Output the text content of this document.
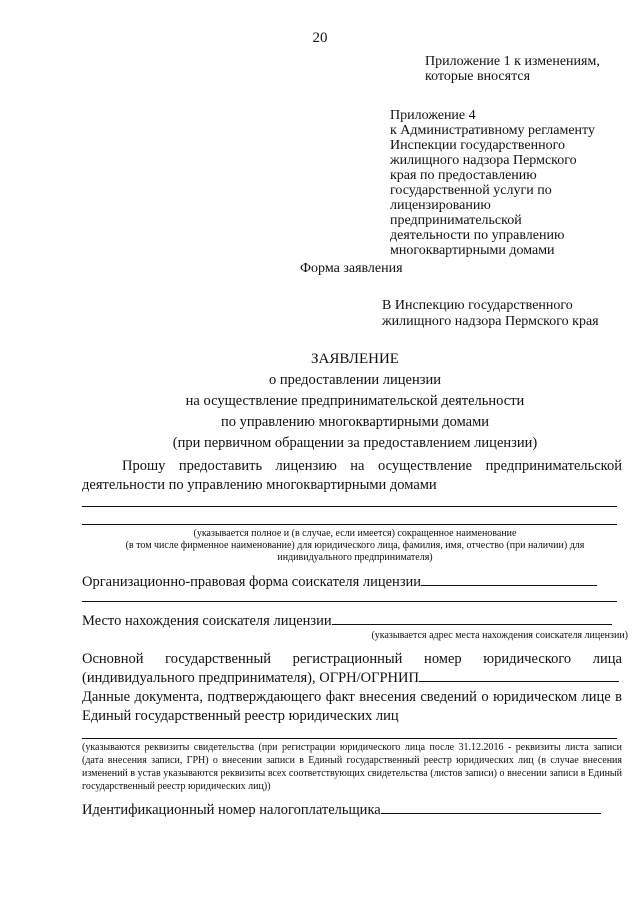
20
Приложение 1 к изменениям,
которые вносятся
Приложение 4
к Административному регламенту
Инспекции государственного
жилищного надзора Пермского
края по предоставлению
государственной услуги по
лицензированию
предпринимательской
деятельности по управлению
многоквартирными домами
Форма заявления
В Инспекцию государственного
жилищного надзора Пермского края
ЗАЯВЛЕНИЕ
о предоставлении лицензии
на осуществление предпринимательской деятельности
по управлению многоквартирными домами
(при первичном обращении за предоставлением лицензии)
Прошу предоставить лицензию на осуществление предпринимательской деятельности по управлению многоквартирными домами
(указывается полное и (в случае, если имеется) сокращенное наименование
(в том числе фирменное наименование) для юридического лица, фамилия, имя, отчество (при наличии) для
индивидуального предпринимателя)
Организационно-правовая форма соискателя лицензии
Место нахождения соискателя лицензии
(указывается адрес места нахождения соискателя лицензии)
Основной государственный регистрационный номер юридического лица
(индивидуального предпринимателя), ОГРН/ОГРНИП
Данные документа, подтверждающего факт внесения сведений о юридическом лице в Единый государственный реестр юридических лиц
(указываются реквизиты свидетельства (при регистрации юридического лица после 31.12.2016 - реквизиты листа записи (дата внесения записи, ГРН) о внесении записи в Единый государственный реестр юридических лиц (в случае внесения изменений в устав указываются реквизиты всех соответствующих свидетельства (листов записи) о внесении записи в Единый государственный реестр юридических лиц))
Идентификационный номер налогоплательщика
